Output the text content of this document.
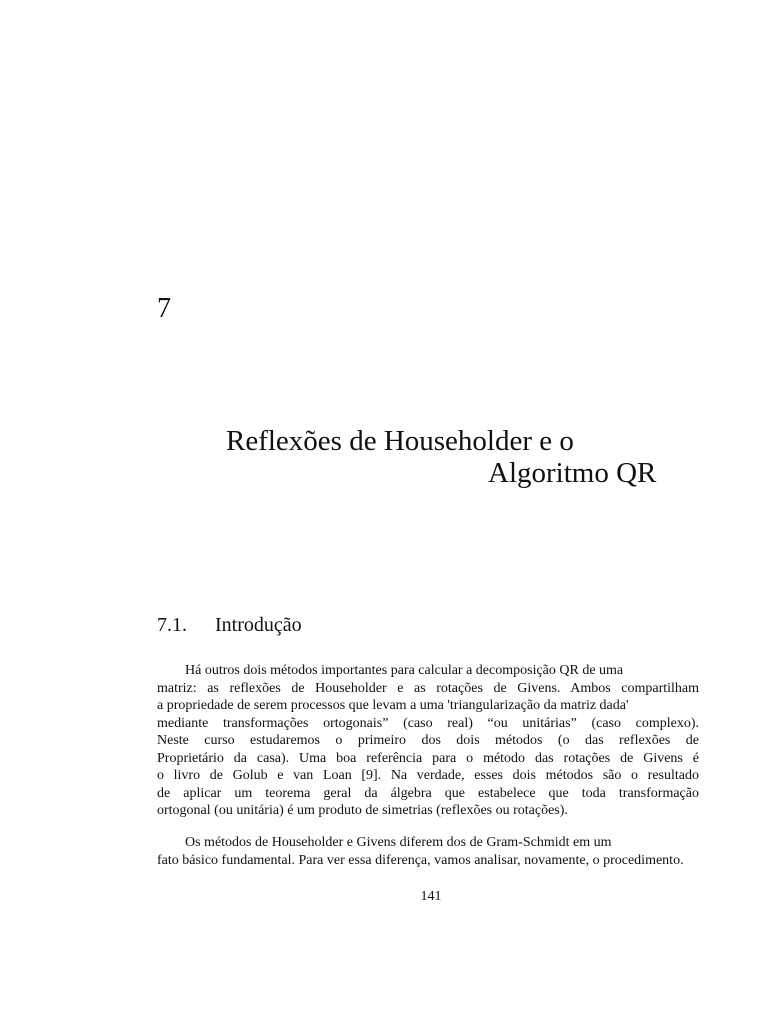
7
Reflexões de Householder e o
Algoritmo QR
7.1. Introdução
Há outros dois métodos importantes para calcular a decomposição QR de uma
matriz: as reflexões de Householder e as rotações de Givens. Ambos compartilham
a propriedade de serem processos que levam a uma 'triangularização da matriz dada'
mediante transformações ortogonais” (caso real) “ou unitárias” (caso complexo).
Neste curso estudaremos o primeiro dos dois métodos (o das reflexões de
Proprietário da casa). Uma boa referência para o método das rotações de Givens é
o livro de Golub e van Loan [9]. Na verdade, esses dois métodos são o resultado
de aplicar um teorema geral da álgebra que estabelece que toda transformação
ortogonal (ou unitária) é um produto de simetrias (reflexões ou rotações).
Os métodos de Householder e Givens diferem dos de Gram-Schmidt em um
fato básico fundamental. Para ver essa diferença, vamos analisar, novamente, o procedimento.
141
